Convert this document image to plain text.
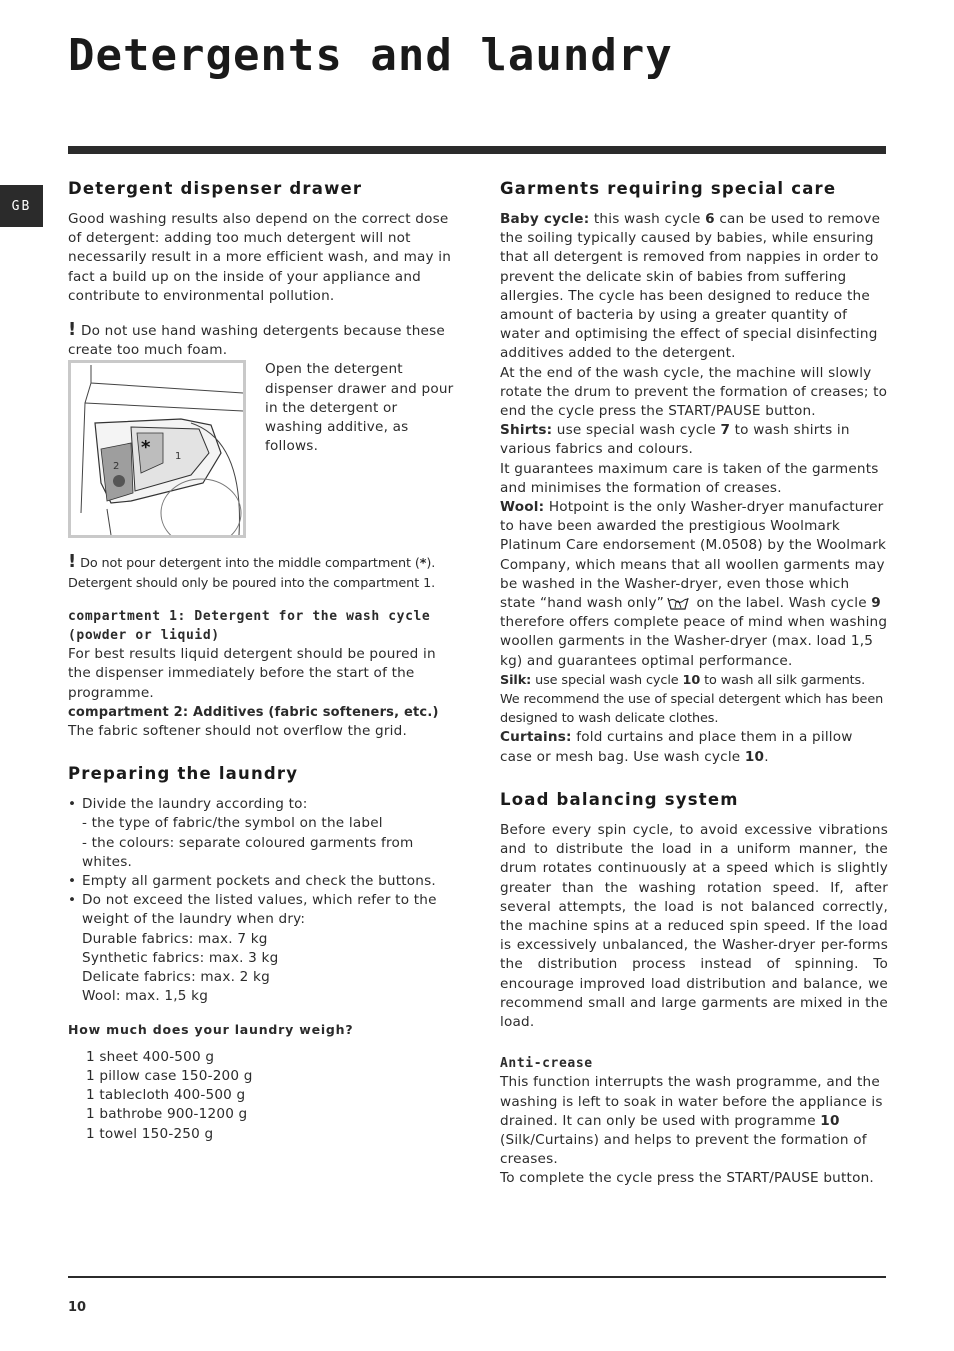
Detergents and laundry
GB
Detergent dispenser drawer

Good washing results also depend on the correct dose of detergent: adding too much detergent will not necessarily result in a more efficient wash, and may in fact a build up on the inside of your appliance and contribute to environmental pollution.

! Do not use hand washing detergents because these create too much foam.

* 1
2

Open the detergent dispenser drawer and pour in the detergent or washing additive, as follows.

! Do not pour detergent into the middle compartment (*). Detergent should only be poured into the compartment 1.

compartment 1: Detergent for the wash cycle (powder or liquid)

For best results liquid detergent should be poured in the dispenser immediately before the start of the programme.

compartment 2: Additives (fabric softeners, etc.)

The fabric softener should not overflow the grid.

Preparing the laundry
• Divide the laundry according to:
- the type of fabric/the symbol on the label
- the colours: separate coloured garments from whites.
• Empty all garment pockets and check the buttons.
• Do not exceed the listed values, which refer to the weight of the laundry when dry:
Durable fabrics: max. 7 kg
Synthetic fabrics: max. 3 kg
Delicate fabrics: max. 2 kg
Wool: max. 1,5 kg

How much does your laundry weigh?

1 sheet 400-500 g
1 pillow case 150-200 g
1 tablecloth 400-500 g
1 bathrobe 900-1200 g
1 towel 150-250 g
Garments requiring special care

Baby cycle: this wash cycle 6 can be used to remove the soiling typically caused by babies, while ensuring that all detergent is removed from nappies in order to prevent the delicate skin of babies from suffering allergies. The cycle has been designed to reduce the amount of bacteria by using a greater quantity of water and optimising the effect of special disinfecting additives added to the detergent.

At the end of the wash cycle, the machine will slowly rotate the drum to prevent the formation of creases; to end the cycle press the START/PAUSE button.

Shirts: use special wash cycle 7 to wash shirts in various fabrics and colours.

It guarantees maximum care is taken of the garments and minimises the formation of creases.

Wool: Hotpoint is the only Washer-dryer manufacturer to have been awarded the prestigious Woolmark Platinum Care endorsement (M.0508) by the Woolmark Company, which means that all woollen garments may be washed in the Washer-dryer, even those which state “hand wash only” on the label. Wash cycle 9 therefore offers complete peace of mind when washing woollen garments in the Washer-dryer (max. load 1,5 kg) and guarantees optimal performance.

Silk: use special wash cycle 10 to wash all silk garments. We recommend the use of special detergent which has been designed to wash delicate clothes.

Curtains: fold curtains and place them in a pillow case or mesh bag. Use wash cycle 10.

Load balancing system

Before every spin cycle, to avoid excessive vibrations and to distribute the load in a uniform manner, the drum rotates continuously at a speed which is slightly greater than the washing rotation speed. If, after several attempts, the load is not balanced correctly, the machine spins at a reduced spin speed. If the load is excessively unbalanced, the Washer-dryer per-forms the distribution process instead of spinning. To encourage improved load distribution and balance, we recommend small and large garments are mixed in the load.

Anti-crease

This function interrupts the wash programme, and the washing is left to soak in water before the appliance is drained. It can only be used with programme 10 (Silk/Curtains) and helps to prevent the formation of creases.

To complete the cycle press the START/PAUSE button.

10
